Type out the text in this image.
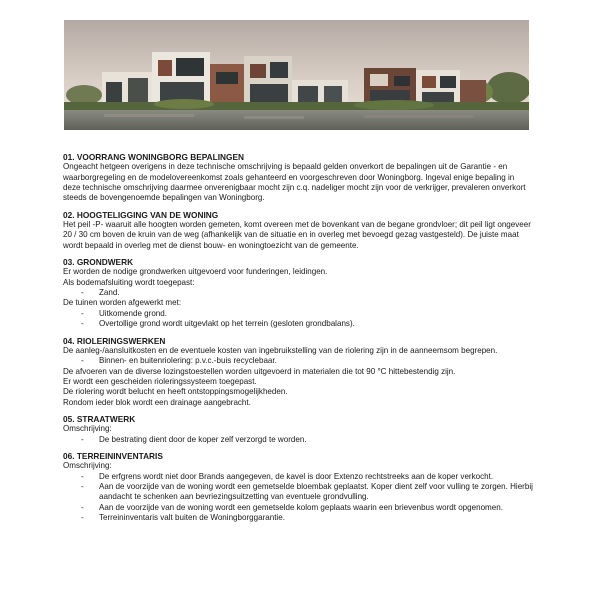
01. VOORRANG WONINGBORG BEPALINGEN
Ongeacht hetgeen overigens in deze technische omschrijving is bepaald gelden onverkort de bepalingen uit de Garantie - en waarborgregeling en de modelovereenkomst zoals gehanteerd en voorgeschreven door Woningborg. Ingeval enige bepaling in deze technische omschrijving daarmee onverenigbaar mocht zijn c.q. nadeliger mocht zijn voor de verkrijger, prevaleren onverkort steeds de bovengenoemde bepalingen van Woningborg.
02. HOOGTELIGGING VAN DE WONING
Het peil -P- waaruit alle hoogten worden gemeten, komt overeen met de bovenkant van de begane grondvloer; dit peil ligt ongeveer 20 / 30 cm boven de kruin van de weg (afhankelijk van de situatie en in overleg met bevoegd gezag vastgesteld). De juiste maat wordt bepaald in overleg met de dienst bouw- en woningtoezicht van de gemeente.
03. GRONDWERK
Er worden de nodige grondwerken uitgevoerd voor funderingen, leidingen.
Als bodemafsluiting wordt toegepast:
- Zand.
De tuinen worden afgewerkt met:
- Uitkomende grond.
- Overtollige grond wordt uitgevlakt op het terrein (gesloten grondbalans).
04. RIOLERINGSWERKEN
De aanleg-/aansluitkosten en de eventuele kosten van ingebruikstelling van de riolering zijn in de aanneemsom begrepen.
- Binnen- en buitenriolering: p.v.c.-buis recyclebaar.
De afvoeren van de diverse lozingstoestellen worden uitgevoerd in materialen die tot 90 °C hittebestendig zijn.
Er wordt een gescheiden rioleringssysteem toegepast.
De riolering wordt belucht en heeft ontstoppingsmogelijkheden.
Rondom ieder blok wordt een drainage aangebracht.
05. STRAATWERK
Omschrijving:
- De bestrating dient door de koper zelf verzorgd te worden.
06. TERREININVENTARIS
Omschrijving:
- De erfgrens wordt niet door Brands aangegeven, de kavel is door Extenzo rechtstreeks aan de koper verkocht.
- Aan de voorzijde van de woning wordt een gemetselde bloembak geplaatst. Koper dient zelf voor vulling te zorgen. Hierbij aandacht te schenken aan bevriezingsuitzetting van eventuele grondvulling.
- Aan de voorzijde van de woning wordt een gemetselde kolom geplaats waarin een brievenbus wordt opgenomen.
- Terreininventaris valt buiten de Woningborggarantie.
